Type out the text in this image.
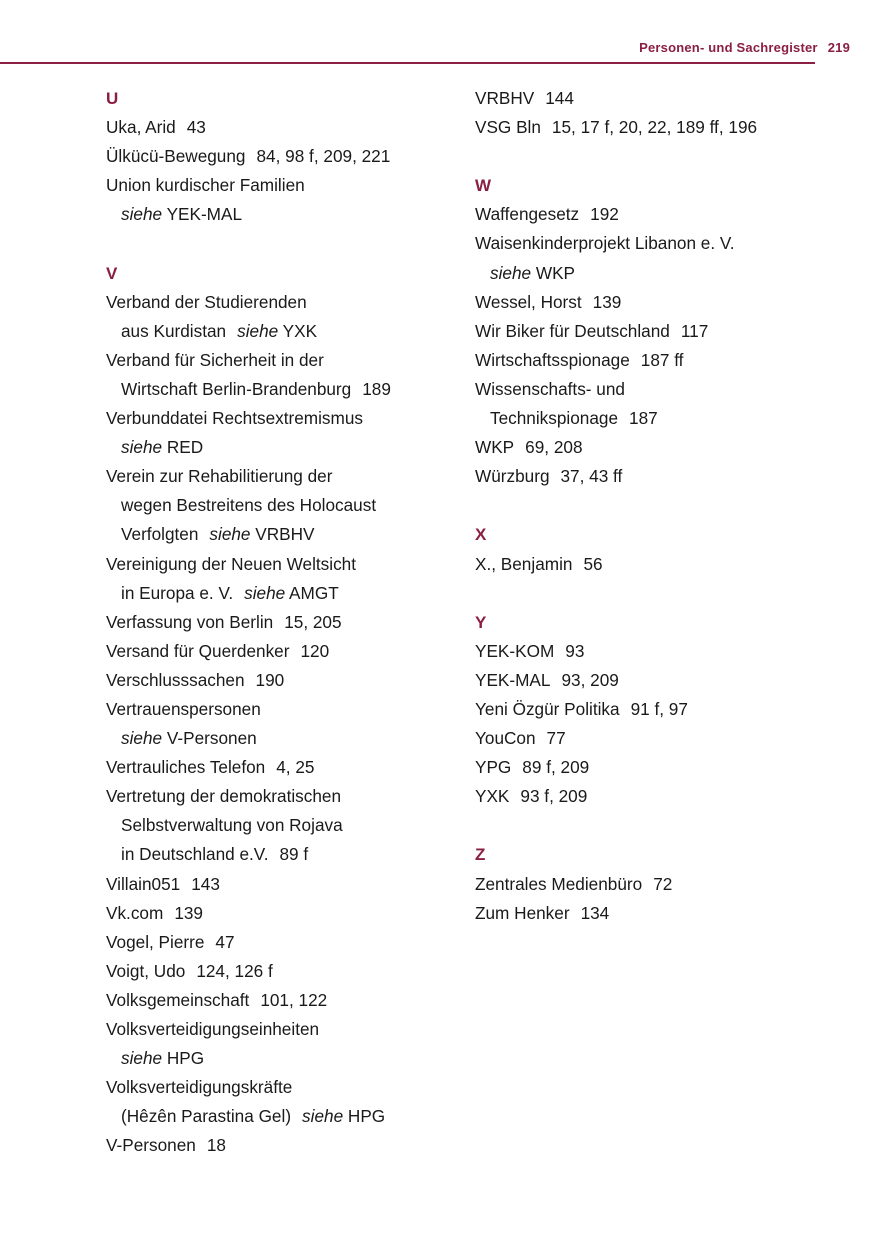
Personen- und Sachregister 219
U
Uka, Arid 43
Ülkücü-Bewegung 84, 98 f, 209, 221
Union kurdischer Familien
siehe YEK-MAL
V
Verband der Studierenden
aus Kurdistan siehe YXK
Verband für Sicherheit in der
Wirtschaft Berlin-Brandenburg 189
Verbunddatei Rechtsextremismus
siehe RED
Verein zur Rehabilitierung der
wegen Bestreitens des Holocaust
Verfolgten siehe VRBHV
Vereinigung der Neuen Weltsicht
in Europa e. V. siehe AMGT
Verfassung von Berlin 15, 205
Versand für Querdenker 120
Verschlusssachen 190
Vertrauenspersonen
siehe V-Personen
Vertrauliches Telefon 4, 25
Vertretung der demokratischen
Selbstverwaltung von Rojava
in Deutschland e.V. 89 f
Villain051 143
Vk.com 139
Vogel, Pierre 47
Voigt, Udo 124, 126 f
Volksgemeinschaft 101, 122
Volksverteidigungseinheiten
siehe HPG
Volksverteidigungskräfte
(Hêzên Parastina Gel) siehe HPG
V-Personen 18
VRBHV 144
VSG Bln 15, 17 f, 20, 22, 189 ff, 196
W
Waffengesetz 192
Waisenkinderprojekt Libanon e. V.
siehe WKP
Wessel, Horst 139
Wir Biker für Deutschland 117
Wirtschaftsspionage 187 ff
Wissenschafts- und
Technikspionage 187
WKP 69, 208
Würzburg 37, 43 ff
X
X., Benjamin 56
Y
YEK-KOM 93
YEK-MAL 93, 209
Yeni Özgür Politika 91 f, 97
YouCon 77
YPG 89 f, 209
YXK 93 f, 209
Z
Zentrales Medienbüro 72
Zum Henker 134
